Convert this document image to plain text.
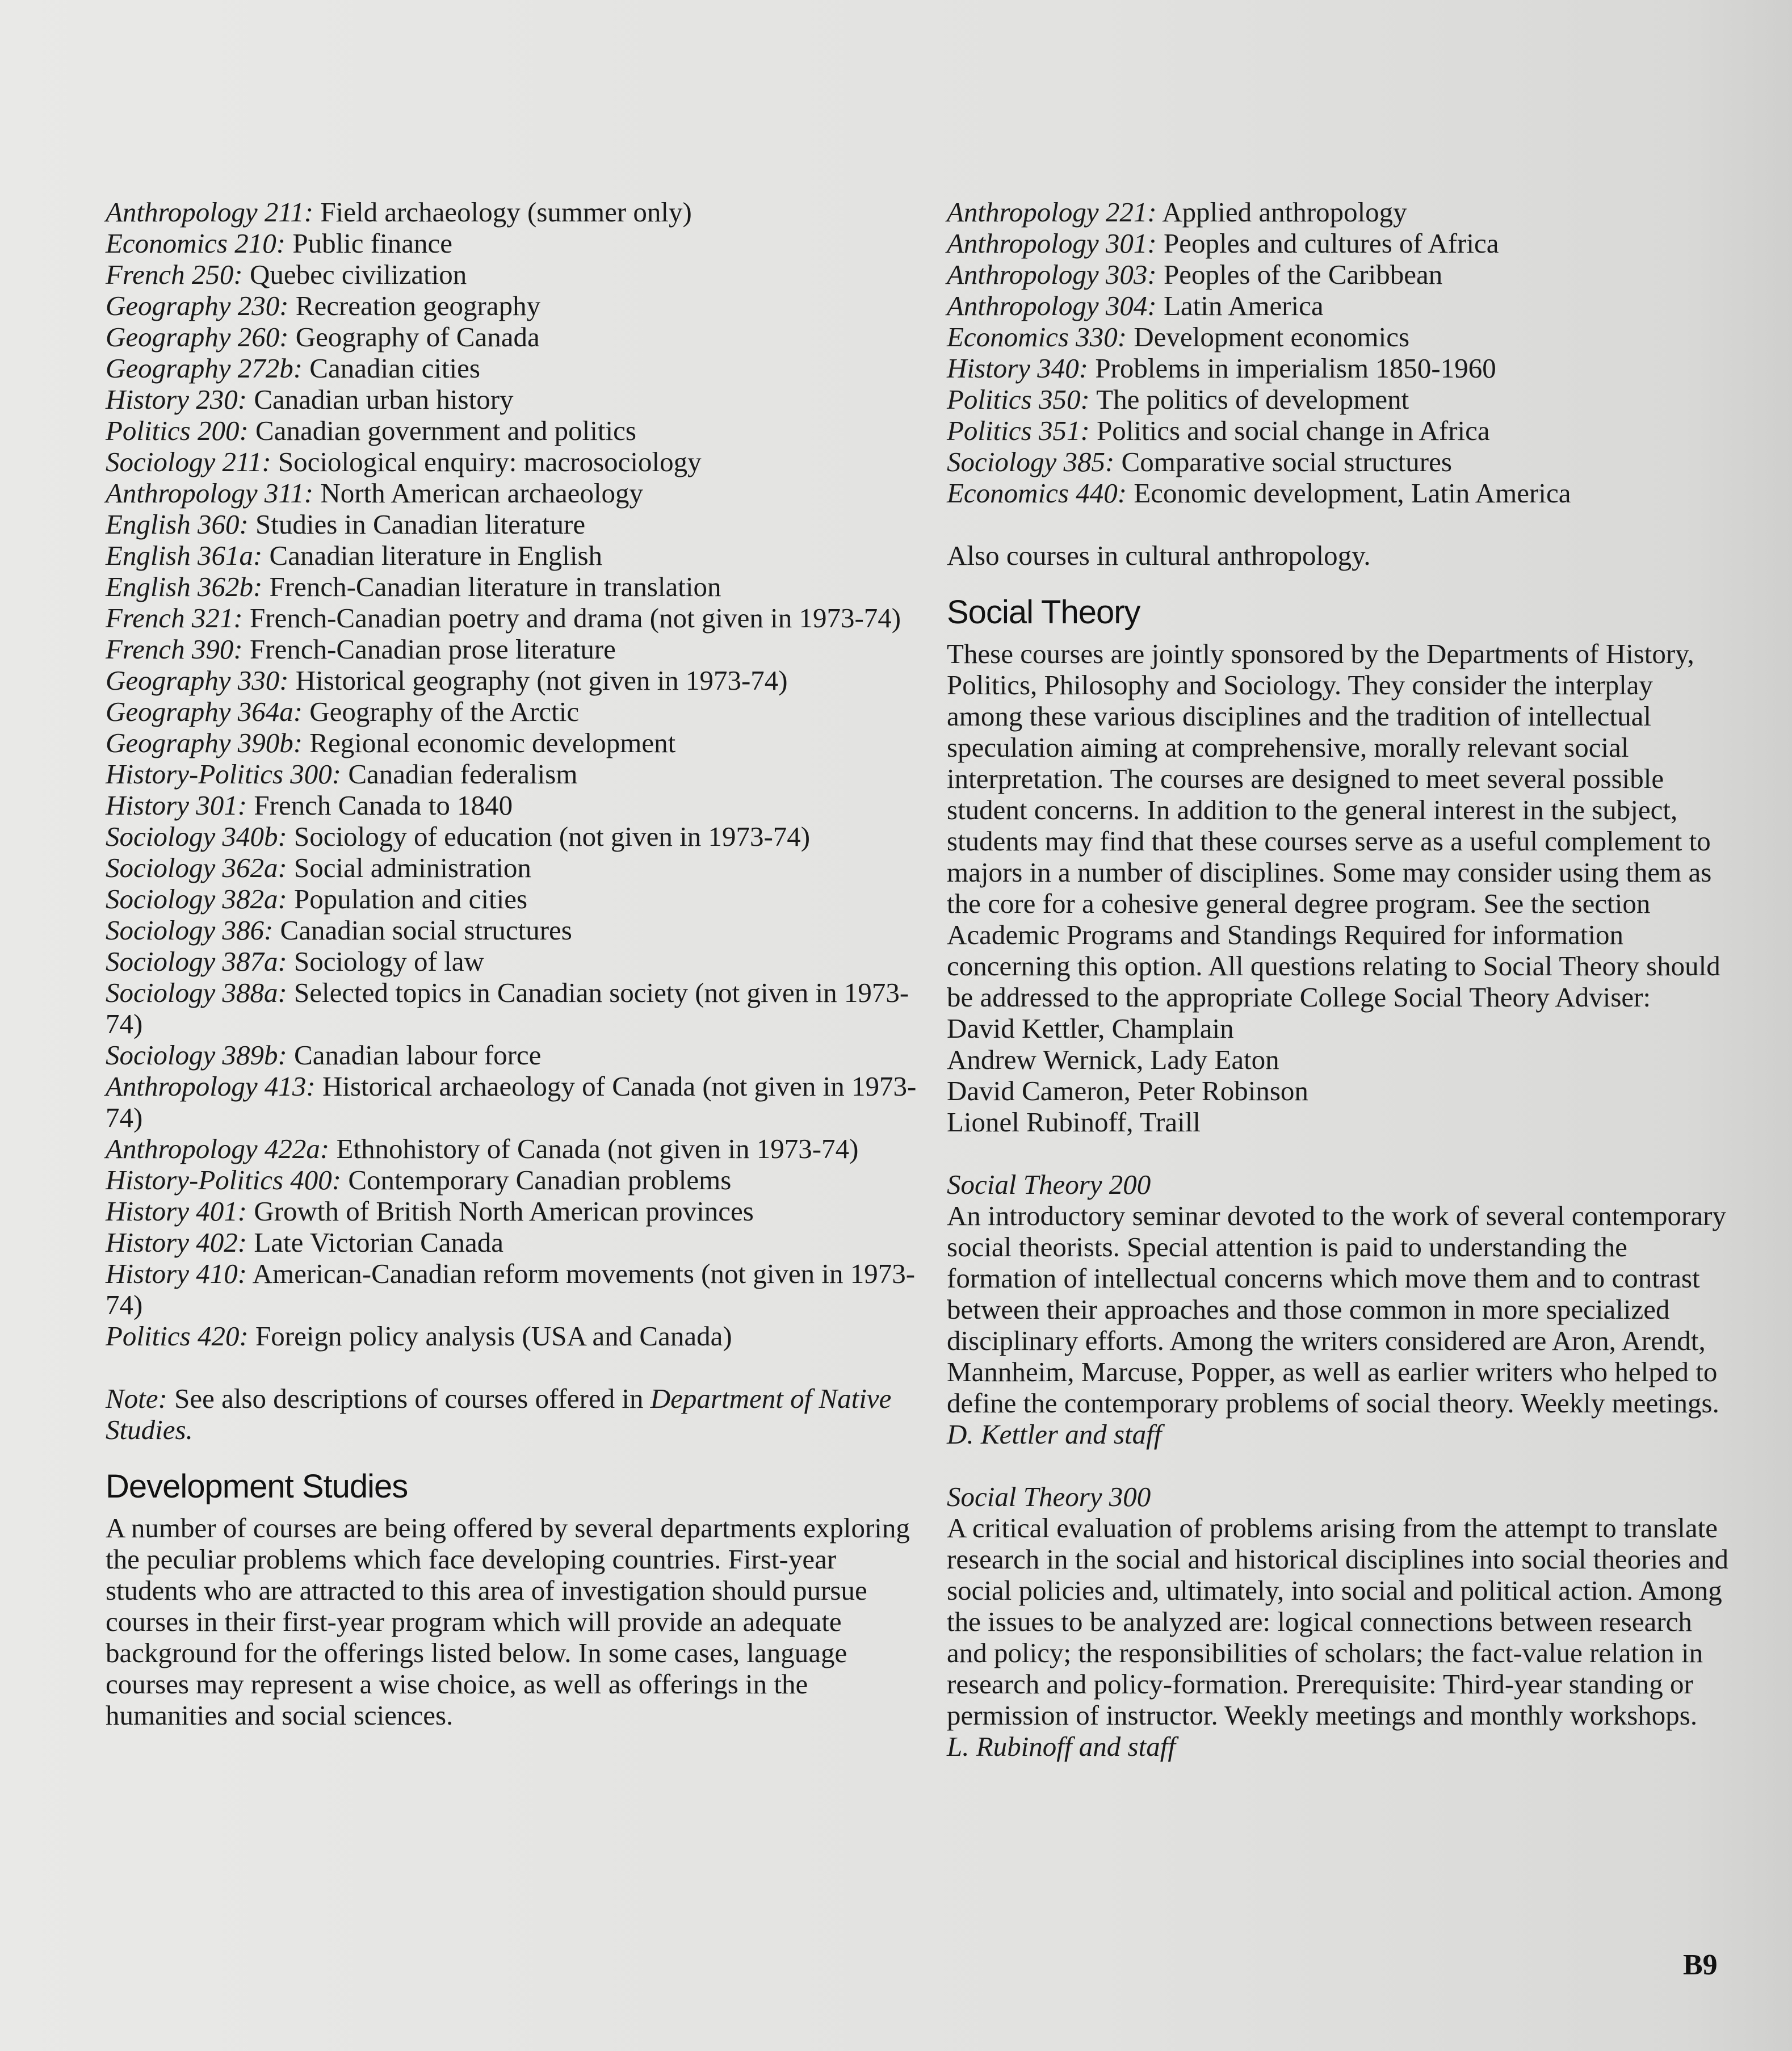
Anthropology 211: Field archaeology (summer only)
Economics 210: Public finance
French 250: Quebec civilization
Geography 230: Recreation geography
Geography 260: Geography of Canada
Geography 272b: Canadian cities
History 230: Canadian urban history
Politics 200: Canadian government and politics
Sociology 211: Sociological enquiry: macrosociology
Anthropology 311: North American archaeology
English 360: Studies in Canadian literature
English 361a: Canadian literature in English
English 362b: French-Canadian literature in translation
French 321: French-Canadian poetry and drama (not given in 1973-74)
French 390: French-Canadian prose literature
Geography 330: Historical geography (not given in 1973-74)
Geography 364a: Geography of the Arctic
Geography 390b: Regional economic development
History-Politics 300: Canadian federalism
History 301: French Canada to 1840
Sociology 340b: Sociology of education (not given in 1973-74)
Sociology 362a: Social administration
Sociology 382a: Population and cities
Sociology 386: Canadian social structures
Sociology 387a: Sociology of law
Sociology 388a: Selected topics in Canadian society (not given in 1973-74)
Sociology 389b: Canadian labour force
Anthropology 413: Historical archaeology of Canada (not given in 1973-74)
Anthropology 422a: Ethnohistory of Canada (not given in 1973-74)
History-Politics 400: Contemporary Canadian problems
History 401: Growth of British North American provinces
History 402: Late Victorian Canada
History 410: American-Canadian reform movements (not given in 1973-74)
Politics 420: Foreign policy analysis (USA and Canada)

Note: See also descriptions of courses offered in Department of Native Studies.

Development Studies

A number of courses are being offered by several departments exploring the peculiar problems which face developing countries. First-year students who are attracted to this area of investigation should pursue courses in their first-year program which will provide an adequate background for the offerings listed below. In some cases, language courses may represent a wise choice, as well as offerings in the humanities and social sciences.

Anthropology 221: Applied anthropology
Anthropology 301: Peoples and cultures of Africa
Anthropology 303: Peoples of the Caribbean
Anthropology 304: Latin America
Economics 330: Development economics
History 340: Problems in imperialism 1850-1960
Politics 350: The politics of development
Politics 351: Politics and social change in Africa
Sociology 385: Comparative social structures
Economics 440: Economic development, Latin America

Also courses in cultural anthropology.

Social Theory

These courses are jointly sponsored by the Departments of History, Politics, Philosophy and Sociology. They consider the interplay among these various disciplines and the tradition of intellectual speculation aiming at comprehensive, morally relevant social interpretation. The courses are designed to meet several possible student concerns. In addition to the general interest in the subject, students may find that these courses serve as a useful complement to majors in a number of disciplines. Some may consider using them as the core for a cohesive general degree program. See the section Academic Programs and Standings Required for information concerning this option. All questions relating to Social Theory should be addressed to the appropriate College Social Theory Adviser:

David Kettler, Champlain
Andrew Wernick, Lady Eaton
David Cameron, Peter Robinson
Lionel Rubinoff, Traill
Social Theory 200

An introductory seminar devoted to the work of several contemporary social theorists. Special attention is paid to understanding the formation of intellectual concerns which move them and to contrast between their approaches and those common in more specialized disciplinary efforts. Among the writers considered are Aron, Arendt, Mannheim, Marcuse, Popper, as well as earlier writers who helped to define the contemporary problems of social theory. Weekly meetings.

D. Kettler and staff
Social Theory 300

A critical evaluation of problems arising from the attempt to translate research in the social and historical disciplines into social theories and social policies and, ultimately, into social and political action. Among the issues to be analyzed are: logical connections between research and policy; the responsibilities of scholars; the fact-value relation in research and policy-formation. Prerequisite: Third-year standing or permission of instructor. Weekly meetings and monthly workshops.

L. Rubinoff and staff
B9
